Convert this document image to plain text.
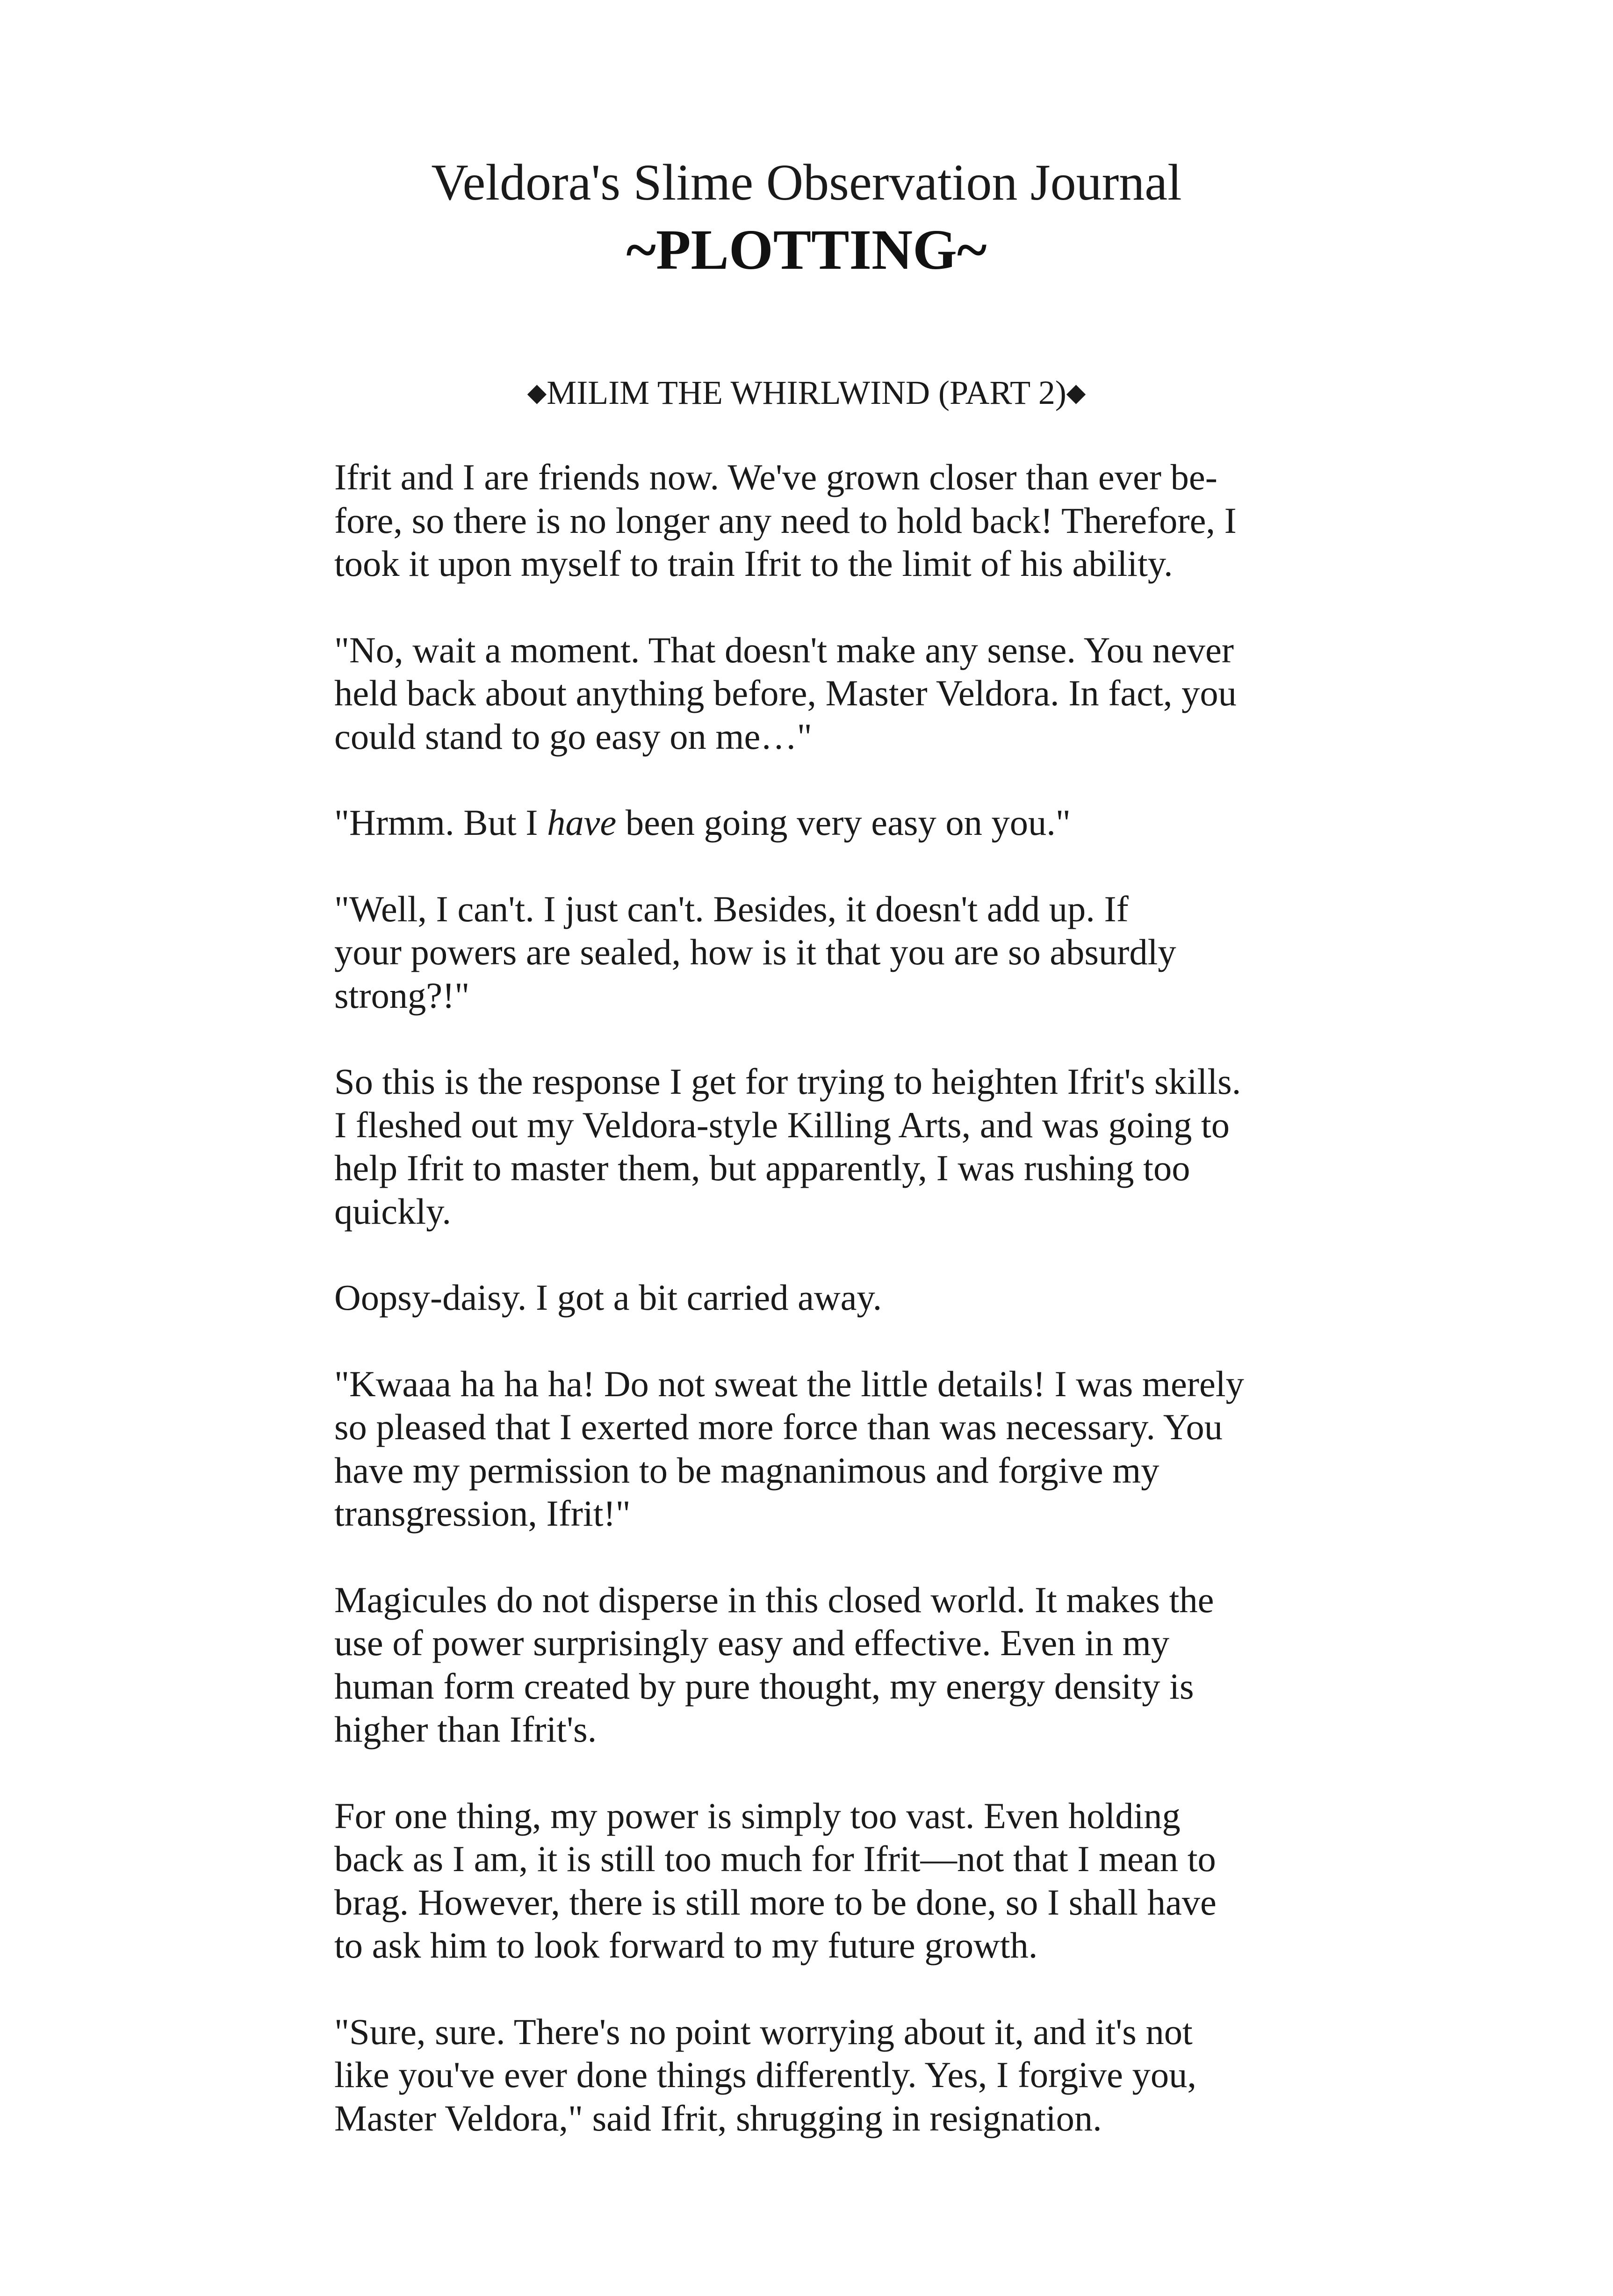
Veldora's Slime Observation Journal
~PLOTTING~
◆MILIM THE WHIRLWIND (PART 2)◆

Ifrit and I are friends now. We've grown closer than ever be-
fore, so there is no longer any need to hold back! Therefore, I
took it upon myself to train Ifrit to the limit of his ability.

"No, wait a moment. That doesn't make any sense. You never
held back about anything before, Master Veldora. In fact, you
could stand to go easy on me…"

"Hrmm. But I have been going very easy on you."

"Well, I can't. I just can't. Besides, it doesn't add up. If
your powers are sealed, how is it that you are so absurdly
strong?!"

So this is the response I get for trying to heighten Ifrit's skills.
I fleshed out my Veldora-style Killing Arts, and was going to
help Ifrit to master them, but apparently, I was rushing too
quickly.

Oopsy-daisy. I got a bit carried away.

"Kwaaa ha ha ha! Do not sweat the little details! I was merely
so pleased that I exerted more force than was necessary. You
have my permission to be magnanimous and forgive my
transgression, Ifrit!"

Magicules do not disperse in this closed world. It makes the
use of power surprisingly easy and effective. Even in my
human form created by pure thought, my energy density is
higher than Ifrit's.

For one thing, my power is simply too vast. Even holding
back as I am, it is still too much for Ifrit—not that I mean to
brag. However, there is still more to be done, so I shall have
to ask him to look forward to my future growth.

"Sure, sure. There's no point worrying about it, and it's not
like you've ever done things differently. Yes, I forgive you,
Master Veldora," said Ifrit, shrugging in resignation.
